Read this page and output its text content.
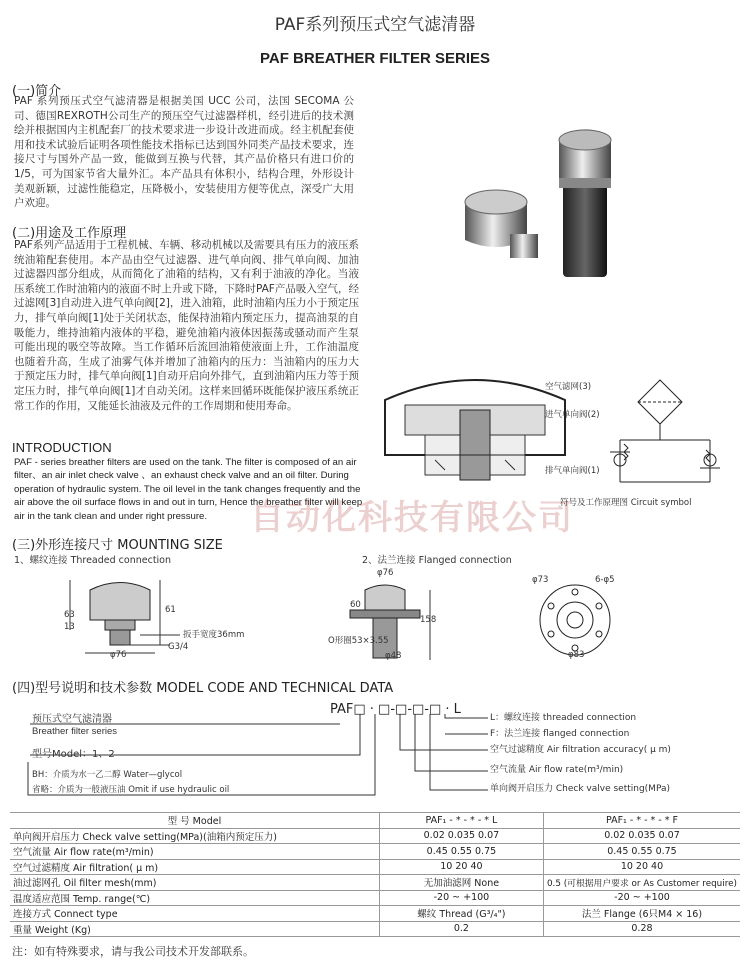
PAF系列预压式空气滤清器
PAF BREATHER FILTER SERIES
(一)简介
PAF 系列预压式空气滤清器是根据美国 UCC 公司，法国 SECOMA 公司、德国REXROTH公司生产的预压空气过滤器样机，经引进后的技术测绘并根据国内主机配套厂的技术要求进一步设计改进而成。经主机配套使用和技术试验后证明各项性能技术指标已达到国外同类产品技术要求，连接尺寸与国外产品一致，能做到互换与代替，其产品价格只有进口价的1/5，可为国家节省大量外汇。本产品具有体积小，结构合理，外形设计美观新颖，过滤性能稳定，压降极小，安装使用方便等优点，深受广大用户欢迎。
(二)用途及工作原理
PAF系列产品适用于工程机械、车辆、移动机械以及需要具有压力的液压系统油箱配套使用。本产品由空气过滤器、进气单向阀、排气单向阀、加油过滤器四部分组成，从而简化了油箱的结构，又有利于油液的净化。当液压系统工作时油箱内的液面不时上升或下降，下降时PAF产品吸入空气，经过滤网[3]自动进入进气单向阀[2]，进入油箱，此时油箱内压力小于预定压力，排气单向阀[1]处于关闭状态，能保持油箱内预定压力，提高油泵的自吸能力，维持油箱内液体的平稳，避免油箱内液体因振荡或骚动而产生泵可能出现的吸空等故障。当工作循环后流回油箱使液面上升，工作油温度也随着升高，生成了油雾气体并增加了油箱内的压力：当油箱内的压力大于预定压力时，排气单向阀[1]自动开启向外排气，直到油箱内压力等于预定压力时，排气单向阀[1]才自动关闭。这样来回循环既能保护液压系统正常工作的作用，又能延长油液及元件的工作周期和使用寿命。
INTRODUCTION
PAF - series breather filters are used on the tank. The filter is composed of an air filter、an air inlet check valve 、an exhaust check valve and an oil filter. During operation of hydraulic system. The oil level in the tank changes frequently and the air above the oil surface flows in and out in turn, Hence the breather filter will keep air in the tank clean and under right pressure.
空气滤网(3)
进气单向阀(2)
排气单向阀(1)
符号及工作原理图 Circuit symbol
自动化科技有限公司
(三)外形连接尺寸 MOUNTING SIZE
1、螺纹连接 Threaded connection	2、法兰连接 Flanged connection
63
13
61
扳手宽度36mm
G3/4
φ76
φ76
60
158
O形圈53×3.55
φ48
φ73	6-φ5
φ83
(四)型号说明和技术参数 MODEL CODE AND TECHNICAL DATA
PAF□ · □-□-□-□ · L
预压式空气滤清器
Breather filter series
型号Model：1、2
BH：介质为水一乙二醇 Water—glycol
省略：介质为一般液压油 Omit if use hydraulic oil
L：螺纹连接 threaded connection
F：法兰连接 flanged connection
空气过滤精度 Air filtration accuracy( μ m)
空气流量 Air flow rate(m³/min)
单向阀开启压力 Check valve setting(MPa)
型 号 Model	PAF₁ - * - * - * L	PAF₁ - * - * - * F
单向阀开启压力 Check valve setting(MPa)(油箱内预定压力)	0.02 0.035 0.07	0.02 0.035 0.07
空气流量 Air flow rate(m³/min)	0.45 0.55 0.75	0.45 0.55 0.75
空气过滤精度 Air filtration( μ m)	10 20 40	10 20 40
油过滤网孔 Oil filter mesh(mm)	无加油滤网 None	0.5 (可根据用户要求 or As Customer require)
温度适应范围 Temp. range(℃)	-20 ~ +100	-20 ~ +100
连接方式 Connect type	螺纹 Thread (G³/₄")	法兰 Flange (6只M4 × 16)
重量 Weight (Kg)	0.2	0.28
注：如有特殊要求，请与我公司技术开发部联系。
